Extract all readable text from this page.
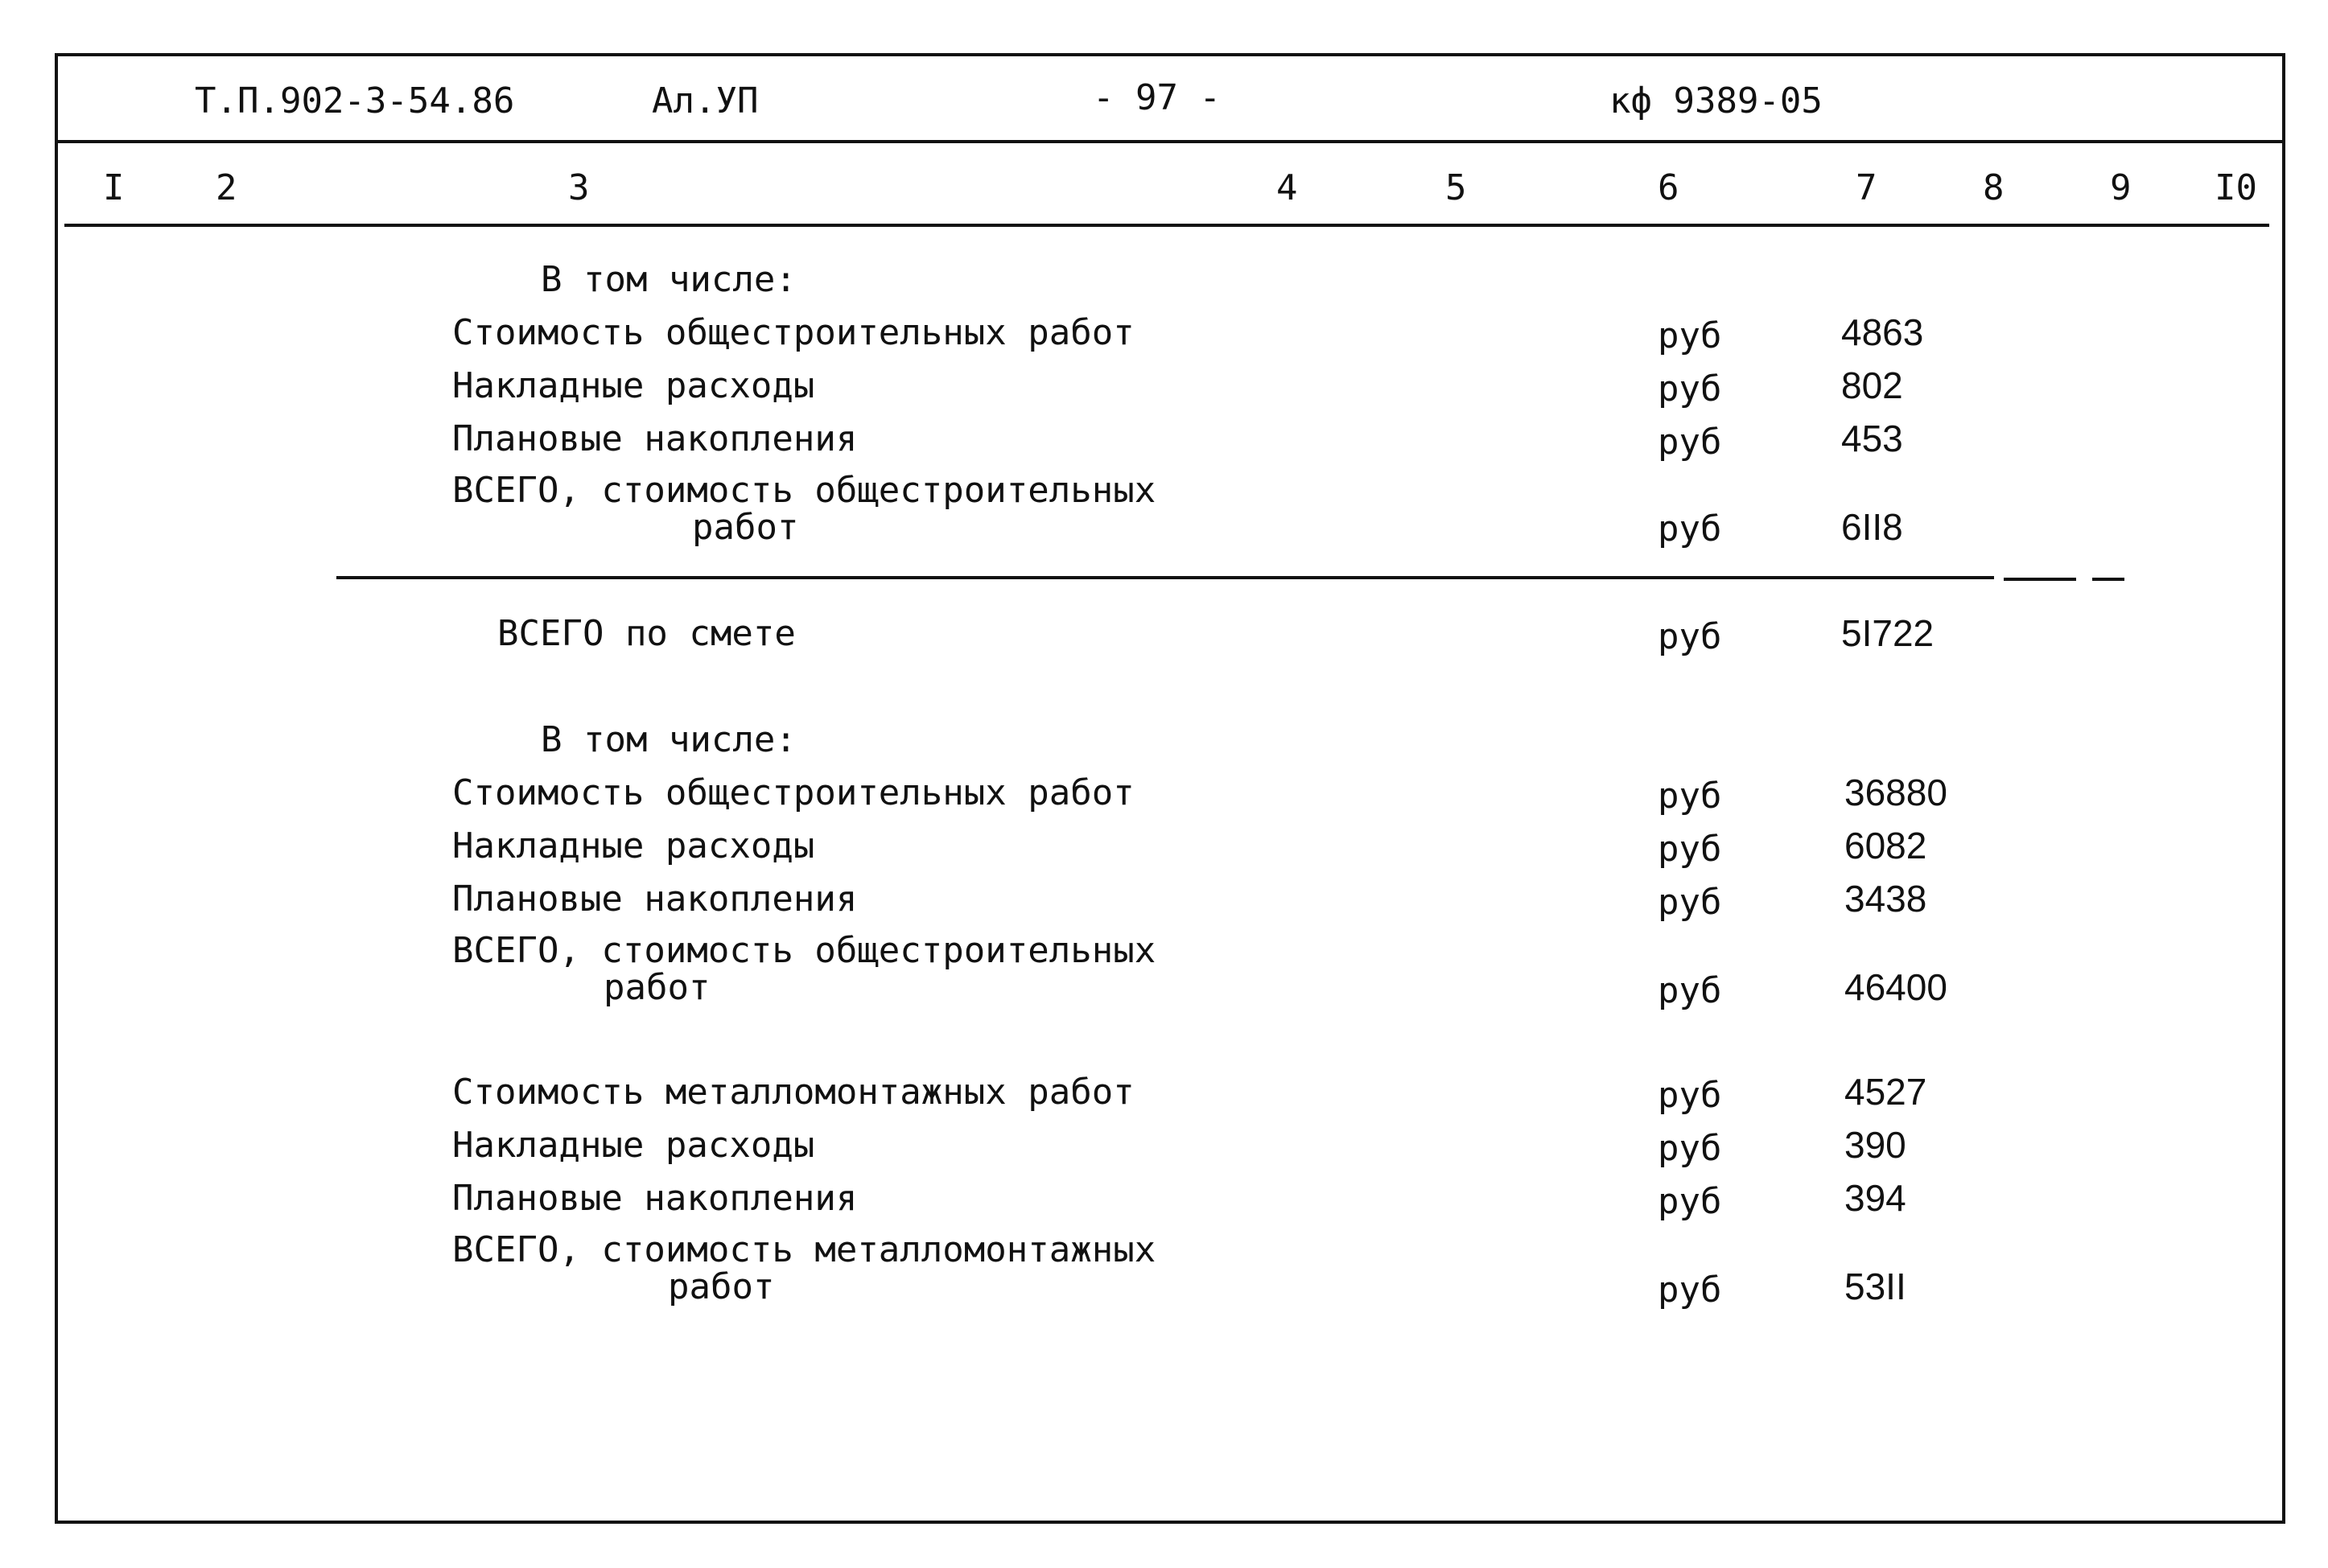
Т.П.902-3-54.86	Ал.УП	- 97 -	кф 9389-05
I	2	3	4	5	6	7	8	9 I0
В том числе:
Стоимость общестроительных работ	руб	4863
Накладные расходы	руб	802
Плановые накопления	руб	453
ВСЕГО, стоимость общестроительных
работ	руб	6II8
ВСЕГО по смете	руб	5I722
В том числе:
Стоимость общестроительных работ	руб	36880
Накладные расходы	руб	6082
Плановые накопления	руб	3438
ВСЕГО, стоимость общестроительных
работ	руб	46400
Стоимость металломонтажных работ	руб	4527
Накладные расходы	руб	390
Плановые накопления	руб	394
ВСЕГО, стоимость металломонтажных
работ	руб	53II
